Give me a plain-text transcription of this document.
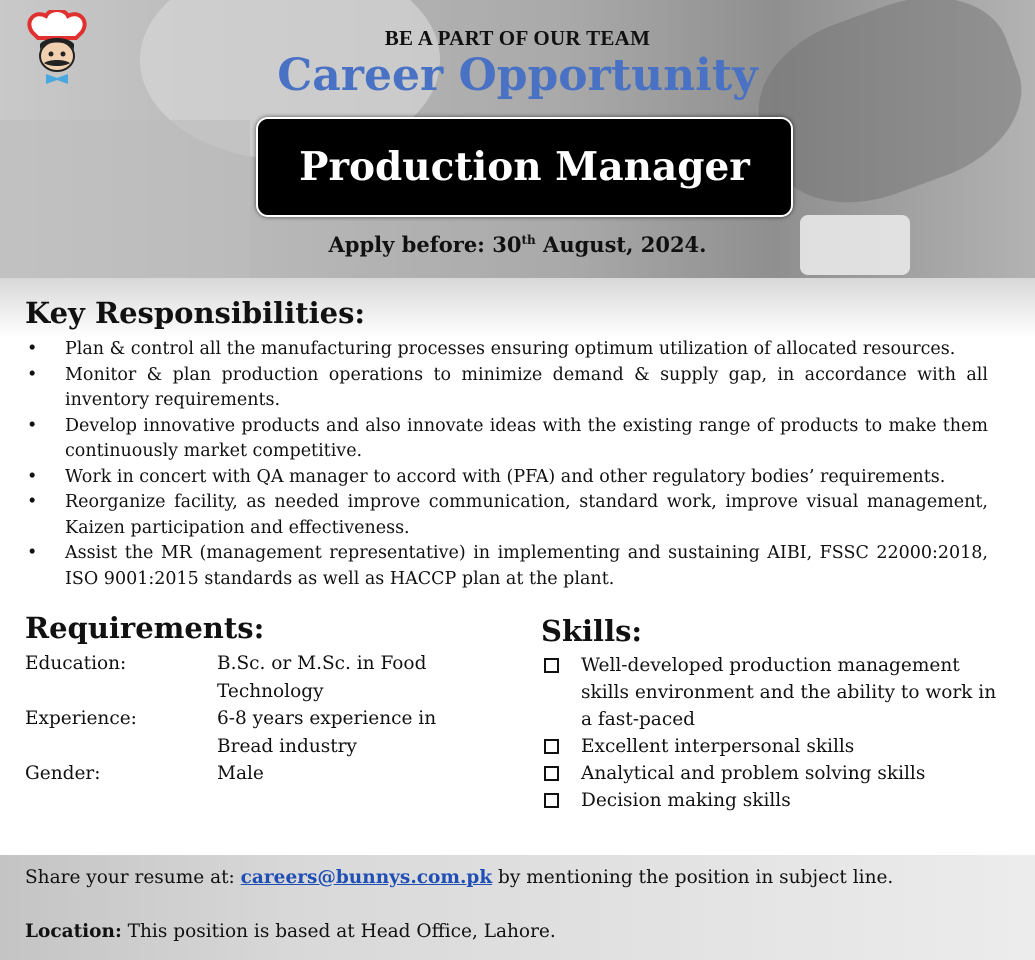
BE A PART OF OUR TEAM
Career Opportunity
Production Manager
Apply before: 30th August, 2024.
Key Responsibilities:
• Plan & control all the manufacturing processes ensuring optimum utilization of allocated resources.
• Monitor & plan production operations to minimize demand & supply gap, in accordance with all inventory requirements.
• Develop innovative products and also innovate ideas with the existing range of products to make them continuously market competitive.
• Work in concert with QA manager to accord with (PFA) and other regulatory bodies’ requirements.
• Reorganize facility, as needed improve communication, standard work, improve visual management, Kaizen participation and effectiveness.
• Assist the MR (management representative) in implementing and sustaining AIBI, FSSC 22000:2018, ISO 9001:2015 standards as well as HACCP plan at the plant.
Requirements:
Education:	B.Sc. or M.Sc. in Food Technology
Experience:	6-8 years experience in Bread industry
Gender:	Male
Skills:
Well-developed production management skills environment and the ability to work in a fast-paced
Excellent interpersonal skills
Analytical and problem solving skills
Decision making skills
Share your resume at: careers@bunnys.com.pk by mentioning the position in subject line.
Location: This position is based at Head Office, Lahore.
